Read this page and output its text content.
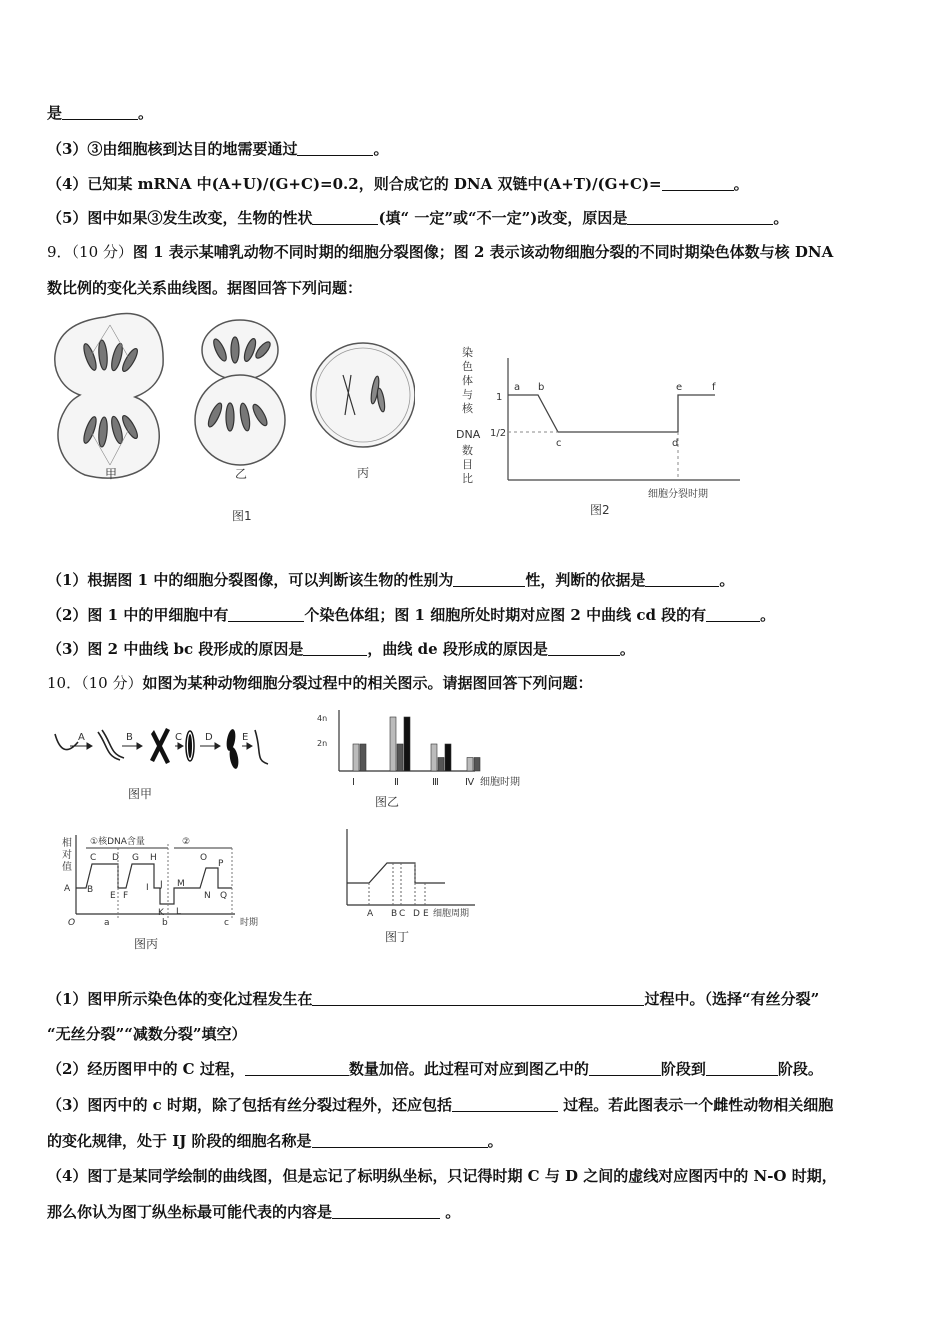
是	。
（3）③由细胞核到达目的地需要通过	。
（4）已知某 mRNA 中(A+U)/(G+C)=0.2，则合成它的 DNA 双链中(A+T)/(G+C)=	。
（5）图中如果③发生改变，生物的性状	(填“ 一定”或“不一定”)改变，原因是	。
9．（10 分）图 1 表示某哺乳动物不同时期的细胞分裂图像；图 2 表示该动物细胞分裂的不同时期染色体数与核 DNA
数比例的变化关系曲线图。据图回答下列问题：
甲	乙	丙
图1
染
色
体
与
核
DNA
数
目
比
1
1/2
a b
c	d
e	f
细胞分裂时期
图2
（1）根据图 1 中的细胞分裂图像，可以判断该生物的性别为	性，判断的依据是	。
（2）图 1 中的甲细胞中有	个染色体组；图 1 细胞所处时期对应图 2 中曲线 cd 段的有	。
（3）图 2 中曲线 bc 段形成的原因是	，曲线 de 段形成的原因是	。
10．（10 分）如图为某种动物细胞分裂过程中的相关图示。请据图回答下列问题：
A	B	C D	E
图甲
4n
2n
Ⅰ	Ⅱ	Ⅲ	Ⅳ 细胞时期
图乙
相
对
值
①核DNA含量	②
A B
C D
E F
G H
I J
K L
M
O
P
N Q
O	a	b	c 时期
图丙
A B C D E 细胞周期
图丁
（1）图甲所示染色体的变化过程发生在	过程中。（选择“有丝分裂”
“无丝分裂”“减数分裂”填空）
（2）经历图甲中的 C 过程，	数量加倍。此过程可对应到图乙中的	阶段到	阶段。
（3）图丙中的 c 时期，除了包括有丝分裂过程外，还应包括	过程。若此图表示一个雌性动物相关细胞
的变化规律，处于 IJ 阶段的细胞名称是	。
（4）图丁是某同学绘制的曲线图，但是忘记了标明纵坐标，只记得时期 C 与 D 之间的虚线对应图丙中的 N-O 时期，
那么你认为图丁纵坐标最可能代表的内容是	。
